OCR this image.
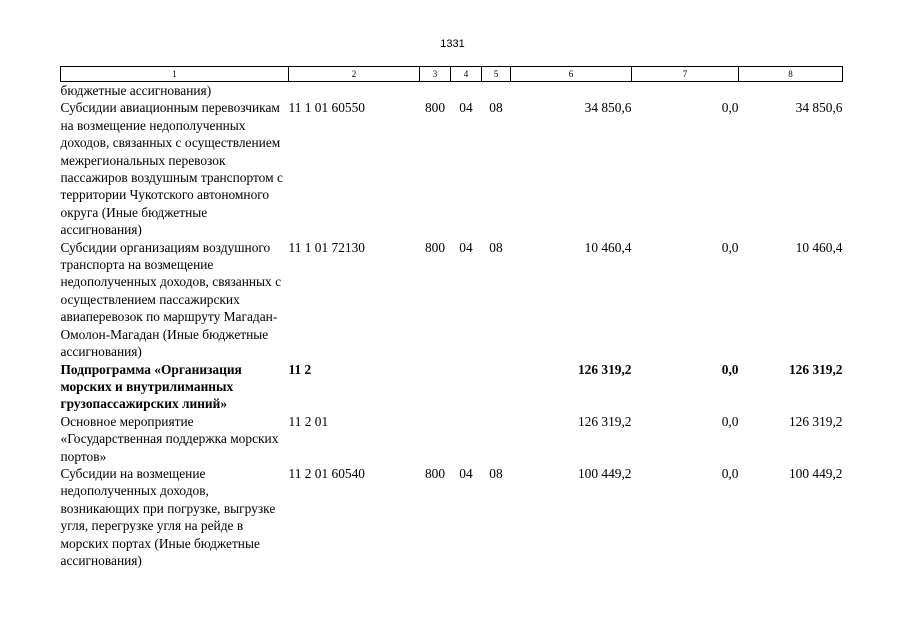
1331
1	2	3	4	5	6	7	8
бюджетные ассигнования)							
Субсидии авиационным перевозчикам на возмещение недополученных доходов, связанных с осуществлением межрегиональных перевозок пассажиров воздушным транспортом с территории Чукотского автономного округа (Иные бюджетные ассигнования)	11 1 01 60550	800	04	08	34 850,6	0,0	34 850,6
Субсидии организациям воздушного транспорта на возмещение недополученных доходов, связанных с осуществлением пассажирских авиаперевозок по маршруту Магадан-Омолон-Магадан (Иные бюджетные ассигнования)	11 1 01 72130	800	04	08	10 460,4	0,0	10 460,4
Подпрограмма «Организация морских и внутрилиманных грузопассажирских линий»	11 2				126 319,2	0,0	126 319,2
Основное мероприятие «Государственная поддержка морских портов»	11 2 01				126 319,2	0,0	126 319,2
Субсидии на возмещение недополученных доходов, возникающих при погрузке, выгрузке угля, перегрузке угля на рейде в морских портах (Иные бюджетные ассигнования)	11 2 01 60540	800	04	08	100 449,2	0,0	100 449,2
